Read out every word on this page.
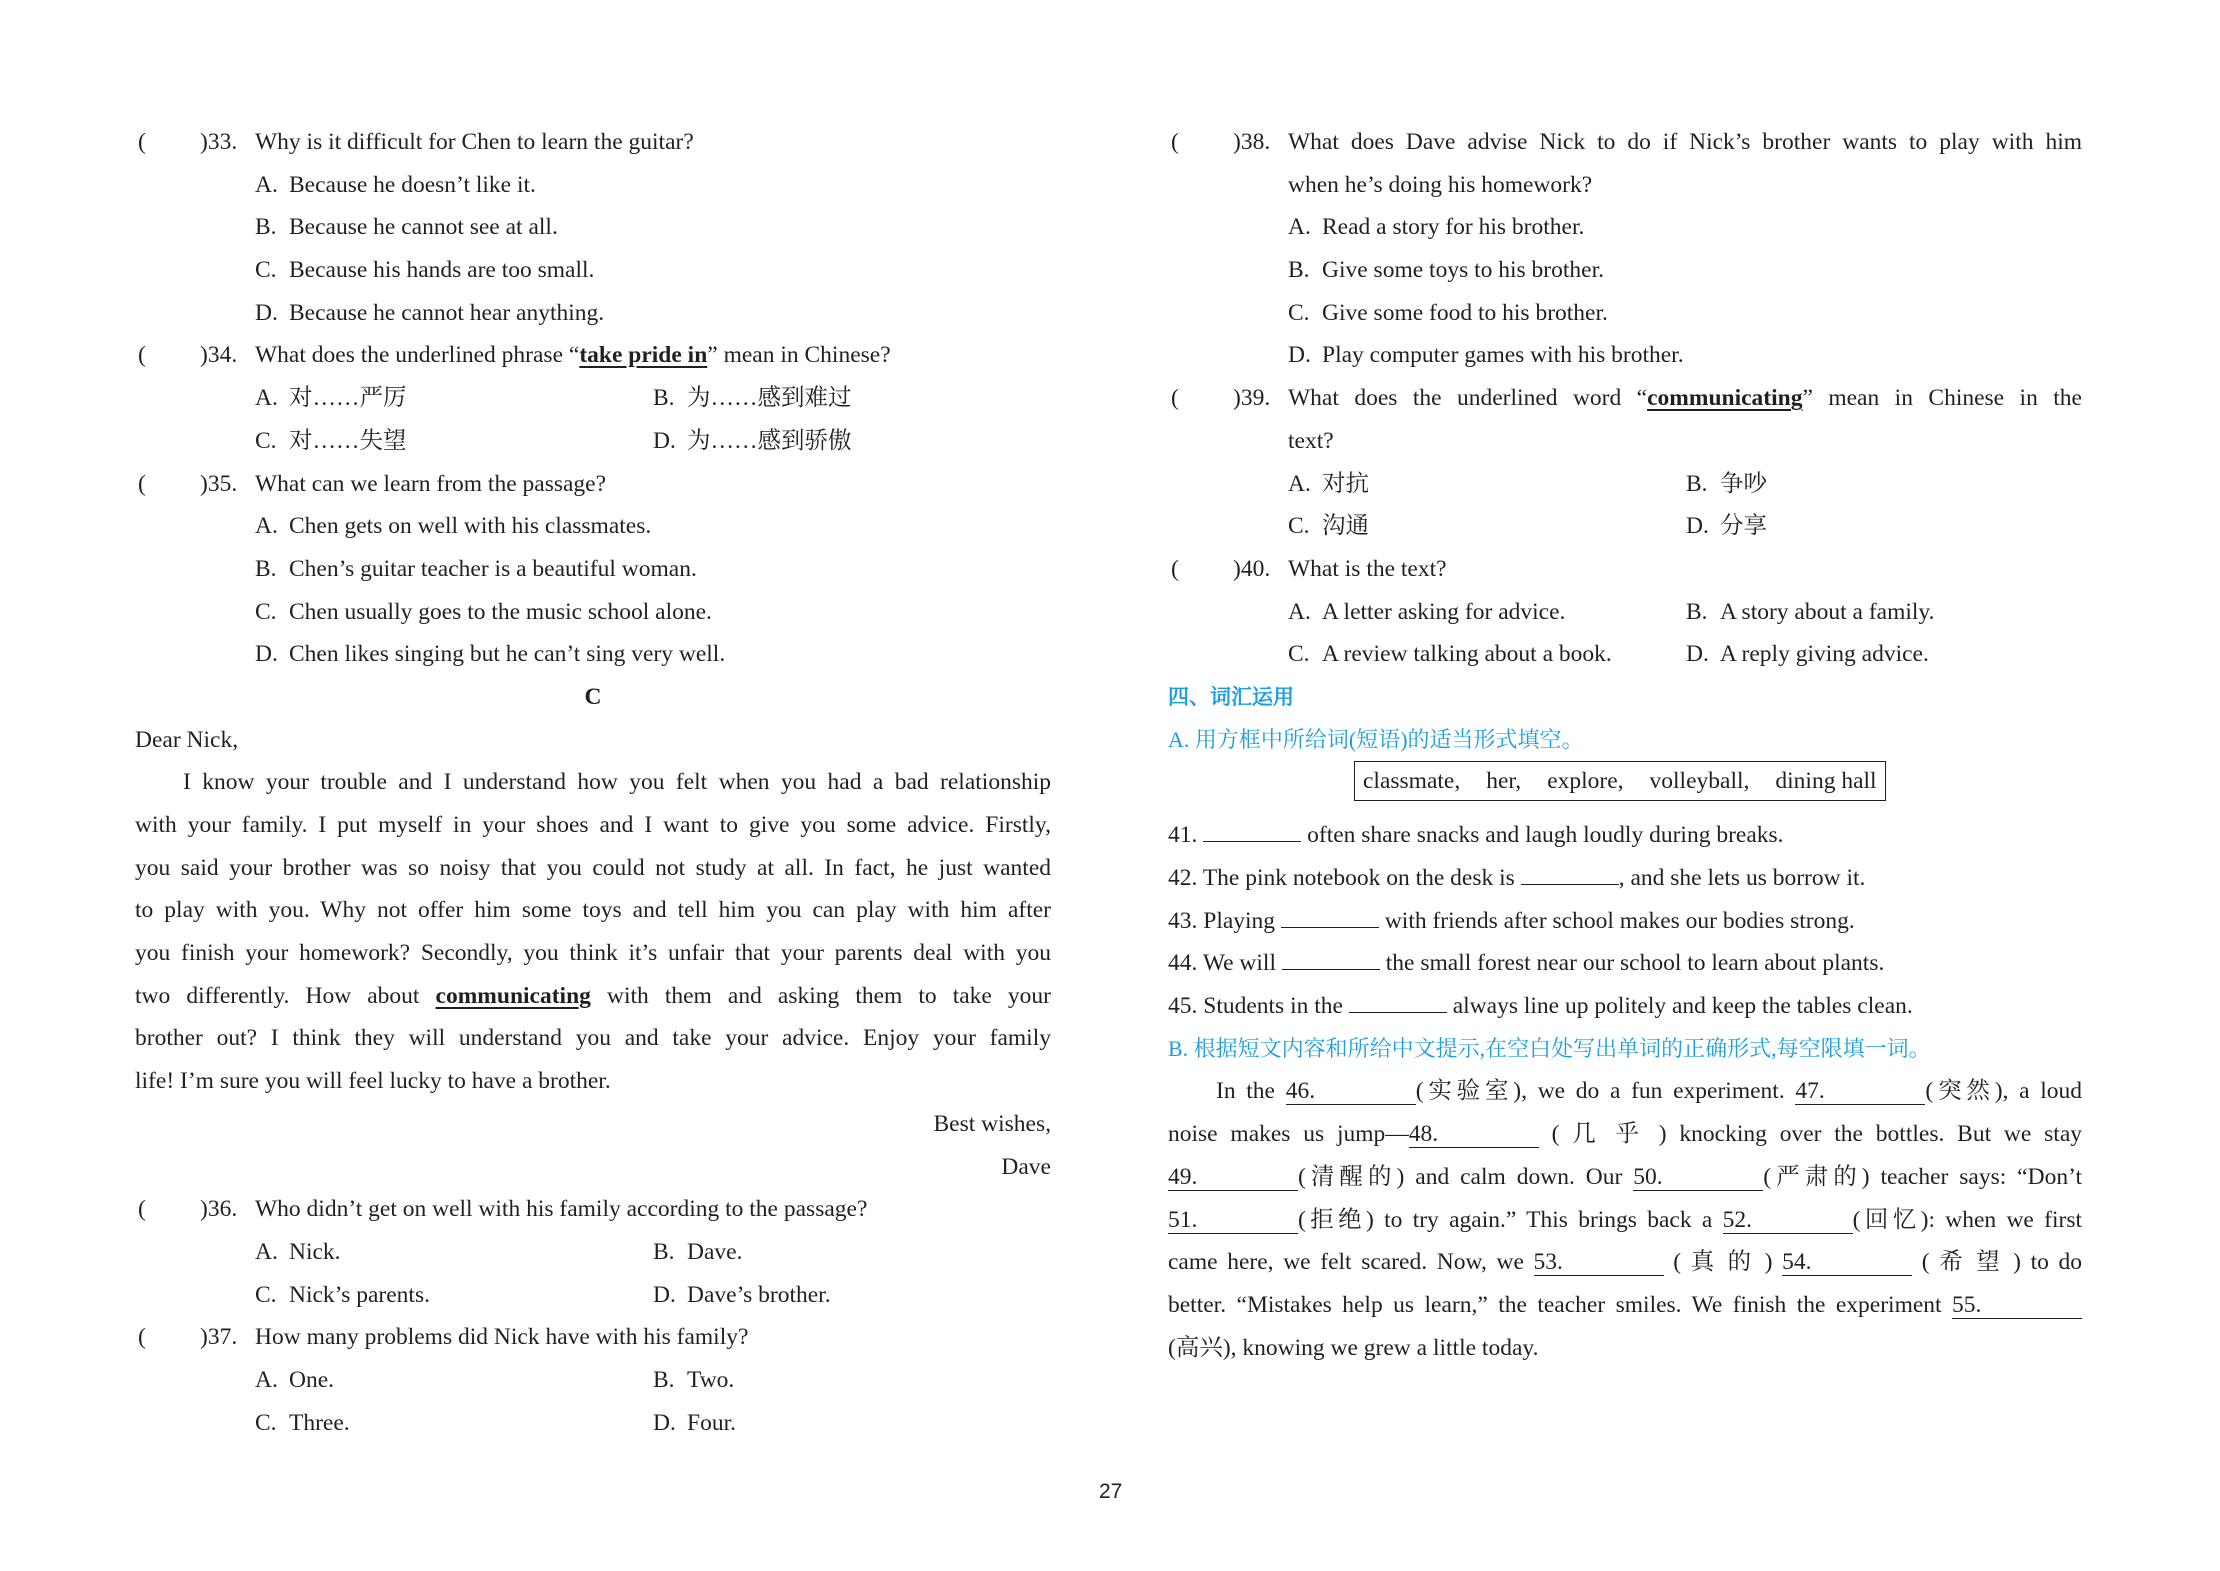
( )33. Why is it difficult for Chen to learn the guitar?
A. Because he doesn’t like it.
B. Because he cannot see at all.
C. Because his hands are too small.
D. Because he cannot hear anything.
( )34. What does the underlined phrase “take pride in” mean in Chinese?
A. 对……严厉	B. 为……感到难过
C. 对……失望	D. 为……感到骄傲
( )35. What can we learn from the passage?
A. Chen gets on well with his classmates.
B. Chen’s guitar teacher is a beautiful woman.
C. Chen usually goes to the music school alone.
D. Chen likes singing but he can’t sing very well.
C
Dear Nick,
I know your trouble and I understand how you felt when you had a bad relationship
with your family. I put myself in your shoes and I want to give you some advice. Firstly,
you said your brother was so noisy that you could not study at all. In fact, he just wanted
to play with you. Why not offer him some toys and tell him you can play with him after
you finish your homework? Secondly, you think it’s unfair that your parents deal with you
two differently. How about communicating with them and asking them to take your
brother out? I think they will understand you and take your advice. Enjoy your family
life! I’m sure you will feel lucky to have a brother.
Best wishes,
Dave
( )36. Who didn’t get on well with his family according to the passage?
A. Nick.	B. Dave.
C. Nick’s parents.	D. Dave’s brother.
( )37. How many problems did Nick have with his family?
A. One.	B. Two.
C. Three.	D. Four.
( )38. What does Dave advise Nick to do if Nick’s brother wants to play with him
when he’s doing his homework?
A. Read a story for his brother.
B. Give some toys to his brother.
C. Give some food to his brother.
D. Play computer games with his brother.
( )39. What does the underlined word “communicating” mean in Chinese in the
text?
A. 对抗	B. 争吵
C. 沟通	D. 分享
( )40. What is the text?
A. A letter asking for advice.	B. A story about a family.
C. A review talking about a book.	D. A reply giving advice.
四、词汇运用
A. 用方框中所给词(短语)的适当形式填空。
classmate, her, explore, volleyball, dining hall
41.	often share snacks and laugh loudly during breaks.
42. The pink notebook on the desk is	, and she lets us borrow it.
43. Playing	with friends after school makes our bodies strong.
44. We will	the small forest near our school to learn about plants.
45. Students in the	always line up politely and keep the tables clean.
B. 根据短文内容和所给中文提示,在空白处写出单词的正确形式,每空限填一词。
In the 46.	(实验室), we do a fun experiment. 47.	(突然), a loud
noise makes us jump—48.	( 几 乎 ) knocking over the bottles. But we stay
49.	(清醒的) and calm down. Our 50.	(严肃的) teacher says: “Don’t
51.	(拒绝) to try again.” This brings back a 52.	(回忆): when we first
came here, we felt scared. Now, we 53.	( 真 的 ) 54.	( 希 望 ) to do
better. “Mistakes help us learn,” the teacher smiles. We finish the experiment 55.
(高兴), knowing we grew a little today.
27
